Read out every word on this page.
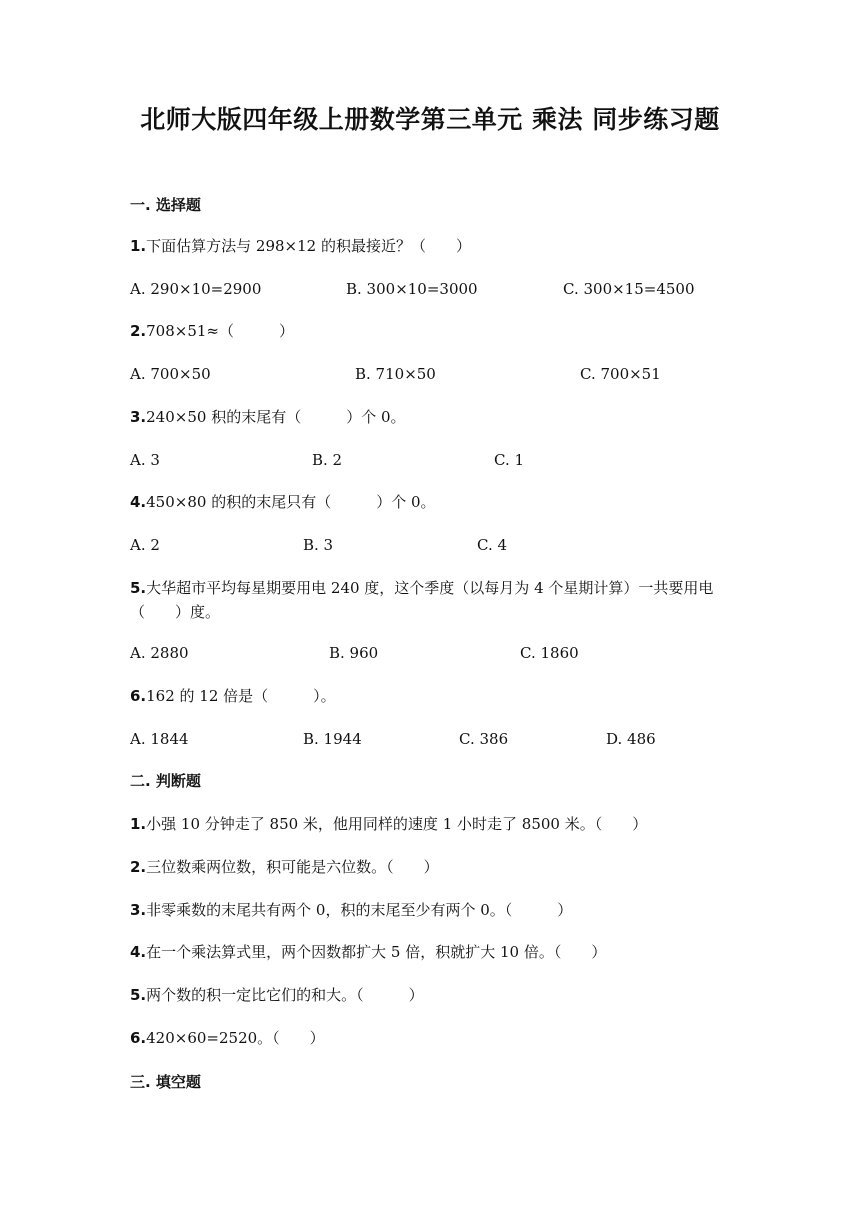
北师大版四年级上册数学第三单元 乘法 同步练习题
一. 选择题
1.下面估算方法与 298×12 的积最接近？（　　）
A. 290×10=2900	B. 300×10=3000	C. 300×15=4500
2.708×51≈（　　　）
A. 700×50	B. 710×50	C. 700×51
3.240×50 积的末尾有（　　　）个 0。
A. 3	B. 2	C. 1
4.450×80 的积的末尾只有（　　　）个 0。
A. 2	B. 3	C. 4
5.大华超市平均每星期要用电 240 度，这个季度（以每月为 4 个星期计算）一共要用电（　　）度。
A. 2880	B. 960	C. 1860
6.162 的 12 倍是（　　　）。
A. 1844	B. 1944	C. 386	D. 486
二. 判断题
1.小强 10 分钟走了 850 米，他用同样的速度 1 小时走了 8500 米。（　　）
2.三位数乘两位数，积可能是六位数。（　　）
3.非零乘数的末尾共有两个 0，积的末尾至少有两个 0。（　　　）
4.在一个乘法算式里，两个因数都扩大 5 倍，积就扩大 10 倍。（　　）
5.两个数的积一定比它们的和大。（　　　）
6.420×60=2520。（　　）
三. 填空题
